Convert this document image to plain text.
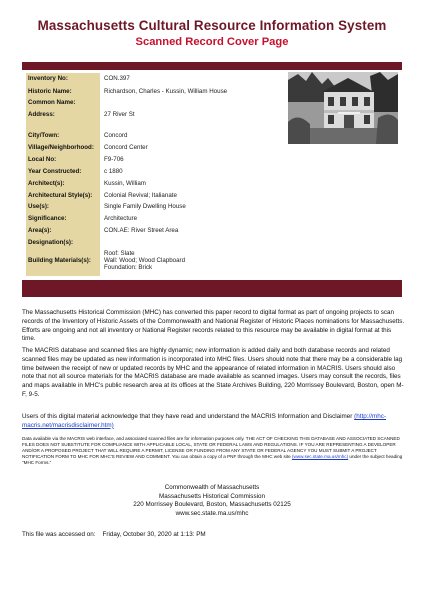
Massachusetts Cultural Resource Information System
Scanned Record Cover Page
Inventory No:	CON.397
Historic Name:	Richardson, Charles - Kussin, William House
Common Name:
Address:	27 River St
City/Town:	Concord
Village/Neighborhood: Concord Center
Local No:	F9-706
Year Constructed:	c 1880
Architect(s):	Kussin, William
Architectural Style(s): Colonial Revival; Italianate
Use(s):	Single Family Dwelling House
Significance:	Architecture
Area(s):	CON.AE: River Street Area
Designation(s):
Building Materials(s):
Roof: Slate
Wall: Wood; Wood Clapboard
Foundation: Brick
The Massachusetts Historical Commission (MHC) has converted this paper record to digital format as part of ongoing projects to scan records of the Inventory of Historic Assets of the Commonwealth and National Register of Historic Places nominations for Massachusetts. Efforts are ongoing and not all inventory or National Register records related to this resource may be available in digital format at this time.
The MACRIS database and scanned files are highly dynamic; new information is added daily and both database records and related scanned files may be updated as new information is incorporated into MHC files. Users should note that there may be a considerable lag time between the receipt of new or updated records by MHC and the appearance of related information in MACRIS. Users should also note that not all source materials for the MACRIS database are made available as scanned images. Users may consult the records, files and maps available in MHC's public research area at its offices at the State Archives Building, 220 Morrissey Boulevard, Boston, open M-F, 9-5.
Users of this digital material acknowledge that they have read and understand the MACRIS Information and Disclaimer (http://mhc-macris.net/macrisdisclaimer.htm)
Data available via the MACRIS web interface, and associated scanned files are for information purposes only. THE ACT OF CHECKING THIS DATABASE AND ASSOCIATED SCANNED FILES DOES NOT SUBSTITUTE FOR COMPLIANCE WITH APPLICABLE LOCAL, STATE OR FEDERAL LAWS AND REGULATIONS. IF YOU ARE REPRESENTING A DEVELOPER AND/OR A PROPOSED PROJECT THAT WILL REQUIRE A PERMIT, LICENSE OR FUNDING FROM ANY STATE OR FEDERAL AGENCY YOU MUST SUBMIT A PROJECT NOTIFICATION FORM TO MHC FOR MHC'S REVIEW AND COMMENT. You can obtain a copy of a PNF through the MHC web site (www.sec.state.ma.us/mhc) under the subject heading "MHC Forms."
Commonwealth of Massachusetts
Massachusetts Historical Commission
220 Morrissey Boulevard, Boston, Massachusetts 02125
www.sec.state.ma.us/mhc
This file was accessed on: Friday, October 30, 2020 at 1:13: PM
